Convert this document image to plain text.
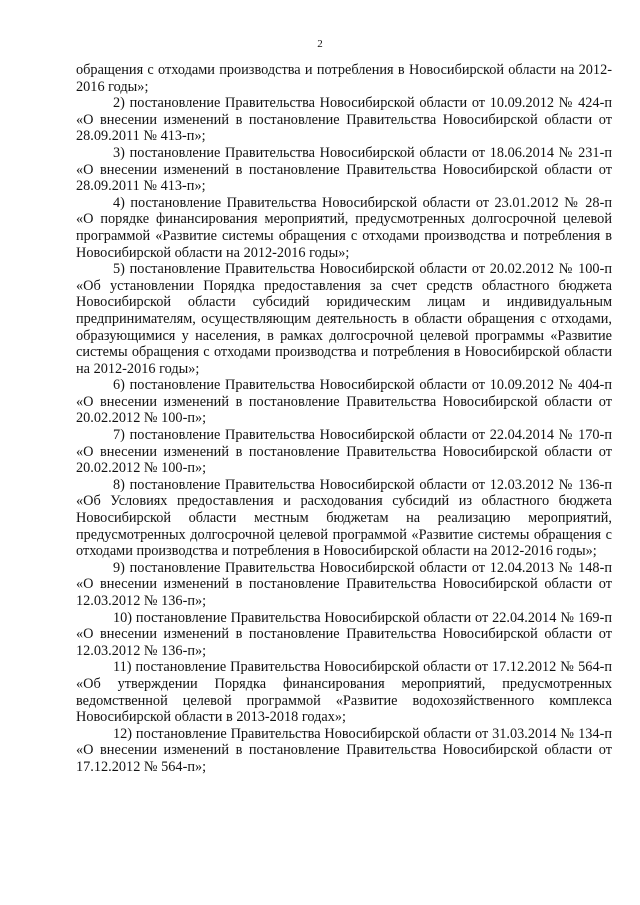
2

обращения с отходами производства и потребления в Новосибирской области на 2012-2016 годы»;

2) постановление Правительства Новосибирской области от 10.09.2012 № 424-п «О внесении изменений в постановление Правительства Новосибирской области от 28.09.2011 № 413-п»;

3) постановление Правительства Новосибирской области от 18.06.2014 № 231-п «О внесении изменений в постановление Правительства Новосибирской области от 28.09.2011 № 413-п»;

4) постановление Правительства Новосибирской области от 23.01.2012 № 28-п «О порядке финансирования мероприятий, предусмотренных долгосрочной целевой программой «Развитие системы обращения с отходами производства и потребления в Новосибирской области на 2012-2016 годы»;

5) постановление Правительства Новосибирской области от 20.02.2012 № 100-п «Об установлении Порядка предоставления за счет средств областного бюджета Новосибирской области субсидий юридическим лицам и индивидуальным предпринимателям, осуществляющим деятельность в области обращения с отходами, образующимися у населения, в рамках долгосрочной целевой программы «Развитие системы обращения с отходами производства и потребления в Новосибирской области на 2012-2016 годы»;

6) постановление Правительства Новосибирской области от 10.09.2012 № 404-п «О внесении изменений в постановление Правительства Новосибирской области от 20.02.2012 № 100-п»;

7) постановление Правительства Новосибирской области от 22.04.2014 № 170-п «О внесении изменений в постановление Правительства Новосибирской области от 20.02.2012 № 100-п»;

8) постановление Правительства Новосибирской области от 12.03.2012 № 136-п «Об Условиях предоставления и расходования субсидий из областного бюджета Новосибирской области местным бюджетам на реализацию мероприятий, предусмотренных долгосрочной целевой программой «Развитие системы обращения с отходами производства и потребления в Новосибирской области на 2012-2016 годы»;

9) постановление Правительства Новосибирской области от 12.04.2013 № 148-п «О внесении изменений в постановление Правительства Новосибирской области от 12.03.2012 № 136-п»;

10) постановление Правительства Новосибирской области от 22.04.2014 № 169-п «О внесении изменений в постановление Правительства Новосибирской области от 12.03.2012 № 136-п»;

11) постановление Правительства Новосибирской области от 17.12.2012 № 564-п «Об утверждении Порядка финансирования мероприятий, предусмотренных ведомственной целевой программой «Развитие водохозяйственного комплекса Новосибирской области в 2013-2018 годах»;

12) постановление Правительства Новосибирской области от 31.03.2014 № 134-п «О внесении изменений в постановление Правительства Новосибирской области от 17.12.2012 № 564-п»;
